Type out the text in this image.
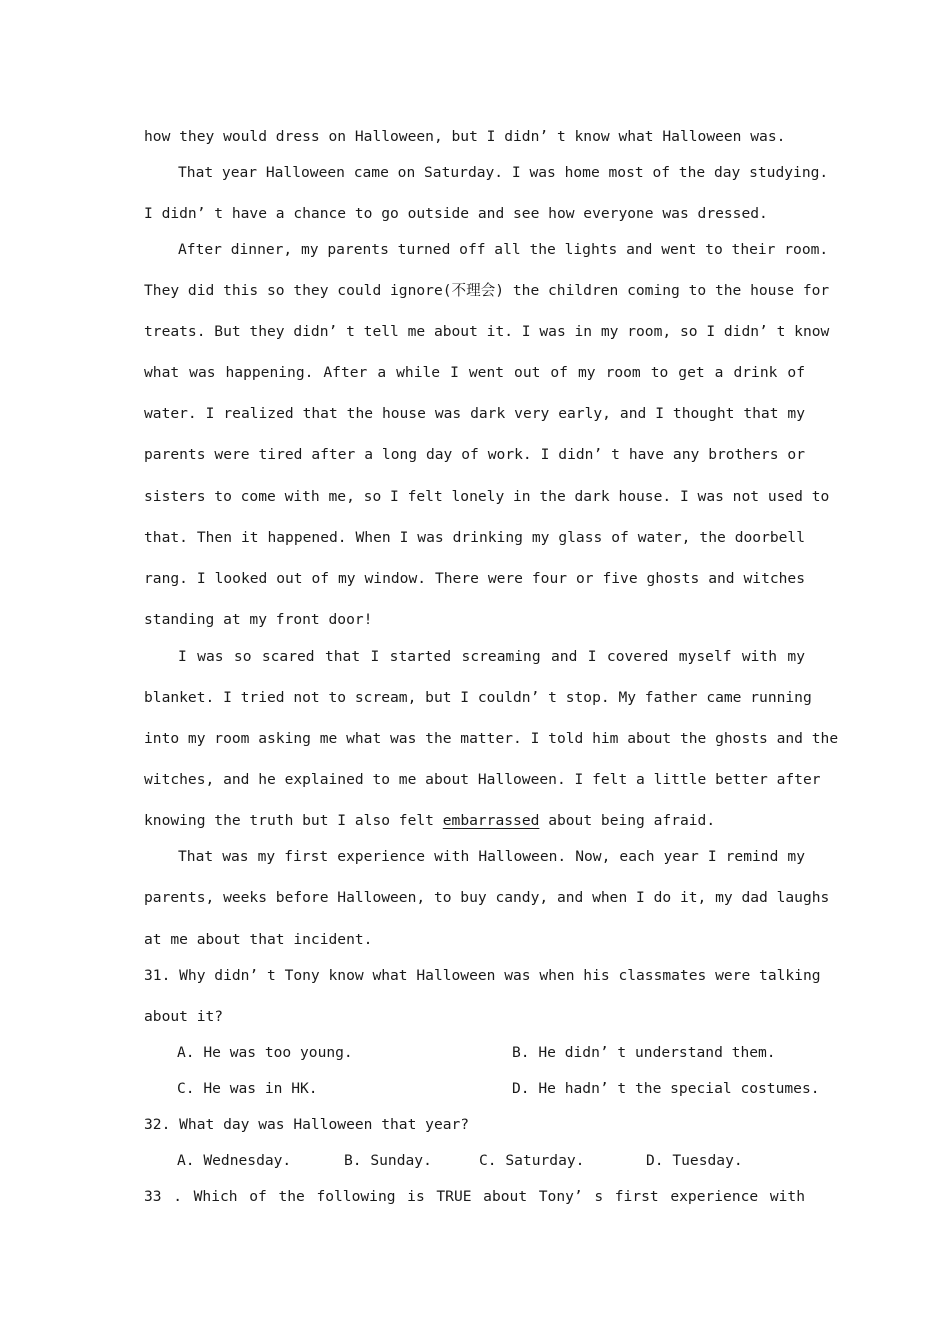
how they would dress on Halloween, but I didn’ t know what Halloween was.

That year Halloween came on Saturday. I was home most of the day studying.

I didn’ t have a chance to go outside and see how everyone was dressed.

After dinner, my parents turned off all the lights and went to their room.

They did this so they could ignore(不理会) the children coming to the house for

treats. But they didn’ t tell me about it. I was in my room, so I didn’ t know

what was happening. After a while I went out of my room to get a drink of

water. I realized that the house was dark very early, and I thought that my

parents were tired after a long day of work. I didn’ t have any brothers or

sisters to come with me, so I felt lonely in the dark house. I was not used to

that. Then it happened. When I was drinking my glass of water, the doorbell

rang. I looked out of my window. There were four or five ghosts and witches

standing at my front door!

I was so scared that I started screaming and I covered myself with my

blanket. I tried not to scream, but I couldn’ t stop. My father came running

into my room asking me what was the matter. I told him about the ghosts and the

witches, and he explained to me about Halloween. I felt a little better after

knowing the truth but I also felt embarrassed about being afraid.

That was my first experience with Halloween. Now, each year I remind my

parents, weeks before Halloween, to buy candy, and when I do it, my dad laughs

at me about that incident.

31. Why didn’ t Tony know what Halloween was when his classmates were talking

about it?

A. He was too young.	B. He didn’ t understand them.

C. He was in HK.	D. He hadn’ t the special costumes.

32. What day was Halloween that year?

A. Wednesday.	B. Sunday.	C. Saturday.	D. Tuesday.

33 . Which of the following is TRUE about Tony’ s first experience with
